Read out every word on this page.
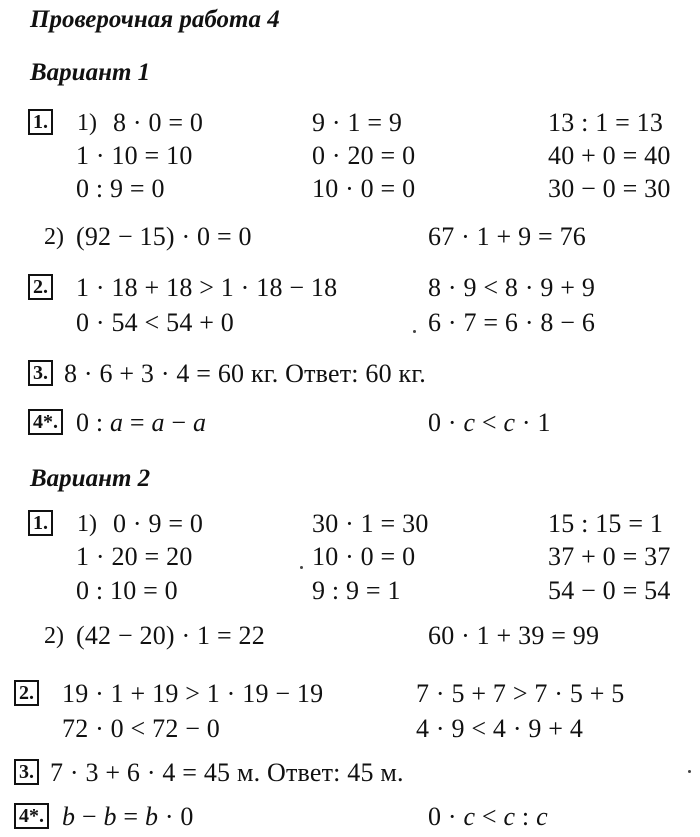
Проверочная работа 4
Вариант 1
1. 1) 8 · 0 = 0	9 · 1 = 9	13 : 1 = 13
1 · 10 = 10	0 · 20 = 0	40 + 0 = 40
0 : 9 = 0	10 · 0 = 0	30 − 0 = 30
2) (92 − 15) · 0 = 0	67 · 1 + 9 = 76
2. 1 · 18 + 18 > 1 · 18 − 18	8 · 9 < 8 · 9 + 9
0 · 54 < 54 + 0	6 · 7 = 6 · 8 − 6
3. 8 · 6 + 3 · 4 = 60 кг. Ответ: 60 кг.
4*. 0 : a = a − a	0 · c < c · 1
Вариант 2
1. 1) 0 · 9 = 0	30 · 1 = 30	15 : 15 = 1
1 · 20 = 20	10 · 0 = 0	37 + 0 = 37
0 : 10 = 0	9 : 9 = 1	54 − 0 = 54
2) (42 − 20) · 1 = 22	60 · 1 + 39 = 99
2. 19 · 1 + 19 > 1 · 19 − 19	7 · 5 + 7 > 7 · 5 + 5
72 · 0 < 72 − 0	4 · 9 < 4 · 9 + 4
3. 7 · 3 + 6 · 4 = 45 м. Ответ: 45 м.
4*. b − b = b · 0	0 · c < c : c
